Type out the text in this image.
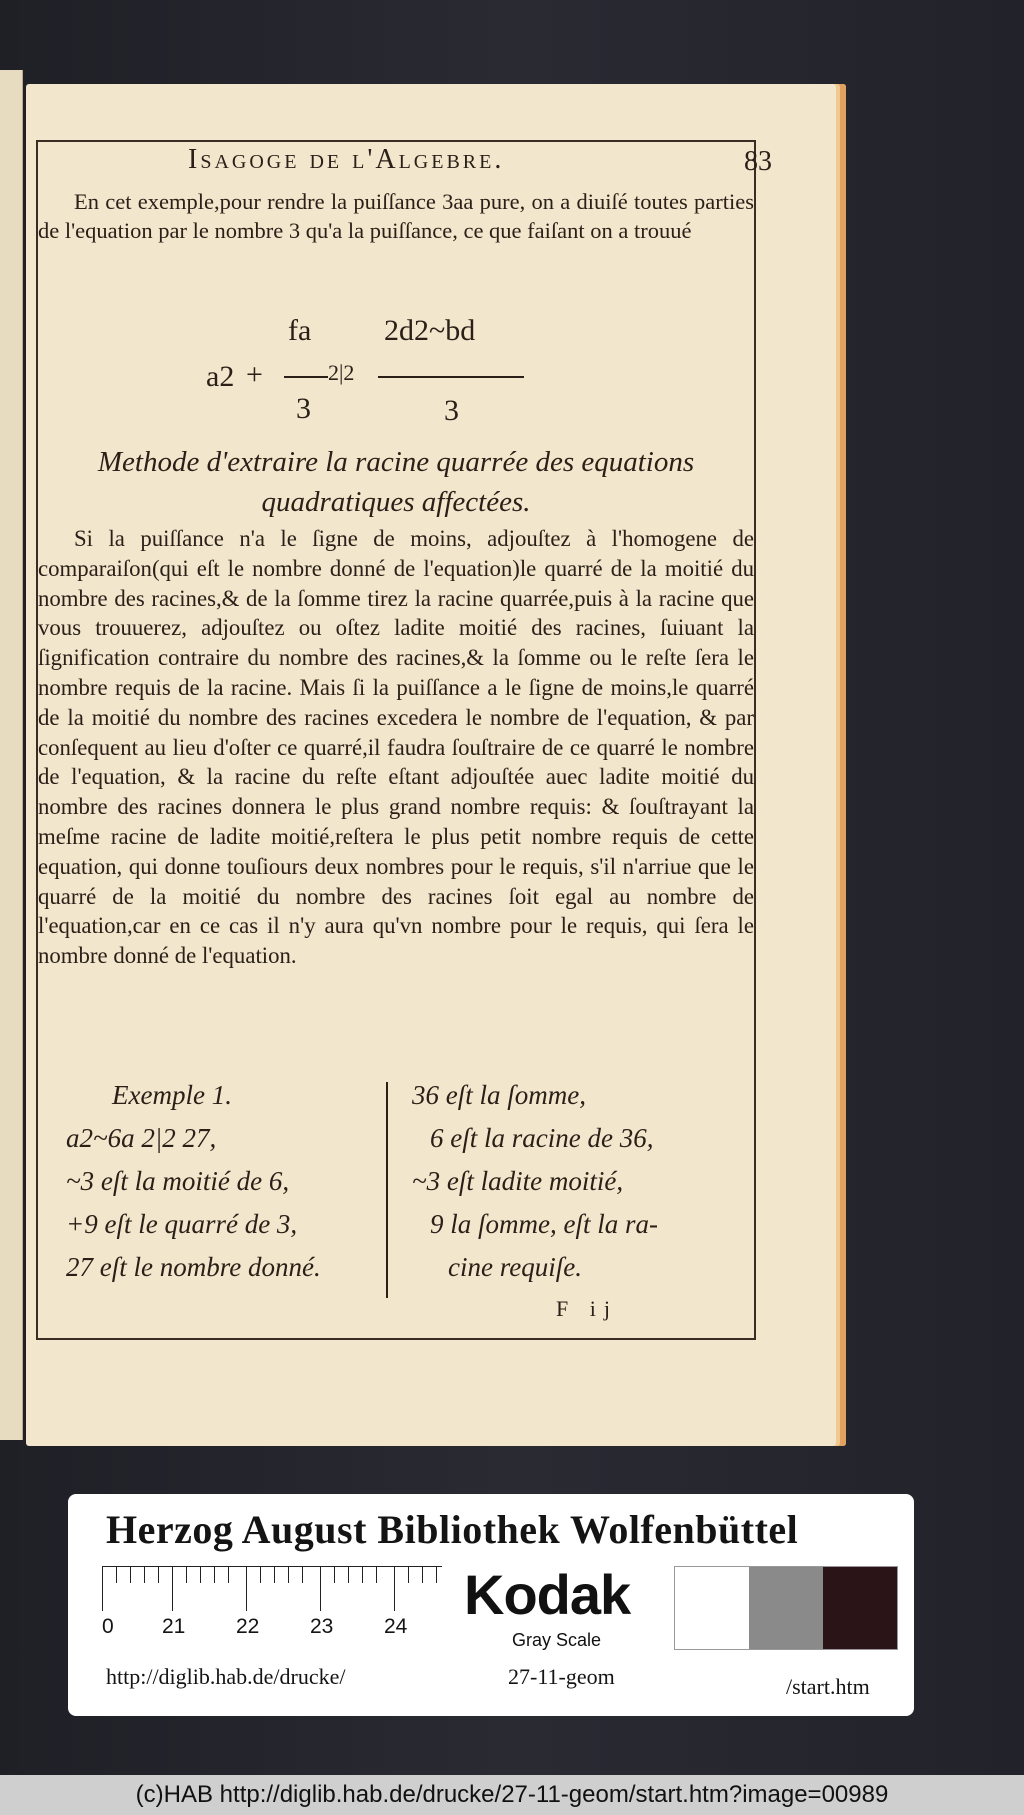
Isagoge de l'Algebre.	83

En cet exemple,pour rendre la puiſſance 3aa pure, on a diuiſé toutes parties de l'equation par le nombre 3 qu'a la puiſſance, ce que faiſant on a trouué

a2 +
fa
3
2|2
2d2~bd
3
Methode d'extraire la racine quarrée des equations quadratiques affectées.

Si la puiſſance n'a le ſigne de moins, adjouſtez à l'homogene de comparaiſon(qui eſt le nombre donné de l'equation)le quarré de la moitié du nombre des racines,& de la ſomme tirez la racine quarrée,puis à la racine que vous trouuerez, adjouſtez ou oſtez ladite moitié des racines, ſuiuant la ſignification contraire du nombre des racines,& la ſomme ou le reſte ſera le nombre requis de la racine. Mais ſi la puiſſance a le ſigne de moins,le quarré de la moitié du nombre des racines excedera le nombre de l'equation, & par conſequent au lieu d'oſter ce quarré,il faudra ſouſtraire de ce quarré le nombre de l'equation, & la racine du reſte eſtant adjouſtée auec ladite moitié du nombre des racines donnera le plus grand nombre requis: & ſouſtrayant la meſme racine de ladite moitié,reſtera le plus petit nombre requis de cette equation, qui donne touſiours deux nombres pour le requis, s'il n'arriue que le quarré de la moitié du nombre des racines ſoit egal au nombre de l'equation,car en ce cas il n'y aura qu'vn nombre pour le requis, qui ſera le nombre donné de l'equation.

Exemple 1.
a2~6a 2|2 27,
~3 eſt la moitié de 6,
+9 eſt le quarré de 3,
27 eſt le nombre donné.
36 eſt la ſomme,
6 eſt la racine de 36,
~3 eſt ladite moitié,
9 la ſomme, eſt la ra-
cine requiſe.
F ij
Herzog August Bibliothek Wolfenbüttel
0 21 22 23 24
Kodak
Gray Scale
http://diglib.hab.de/drucke/	27-11-geom	/start.htm
(c)HAB http://diglib.hab.de/drucke/27-11-geom/start.htm?image=00989
